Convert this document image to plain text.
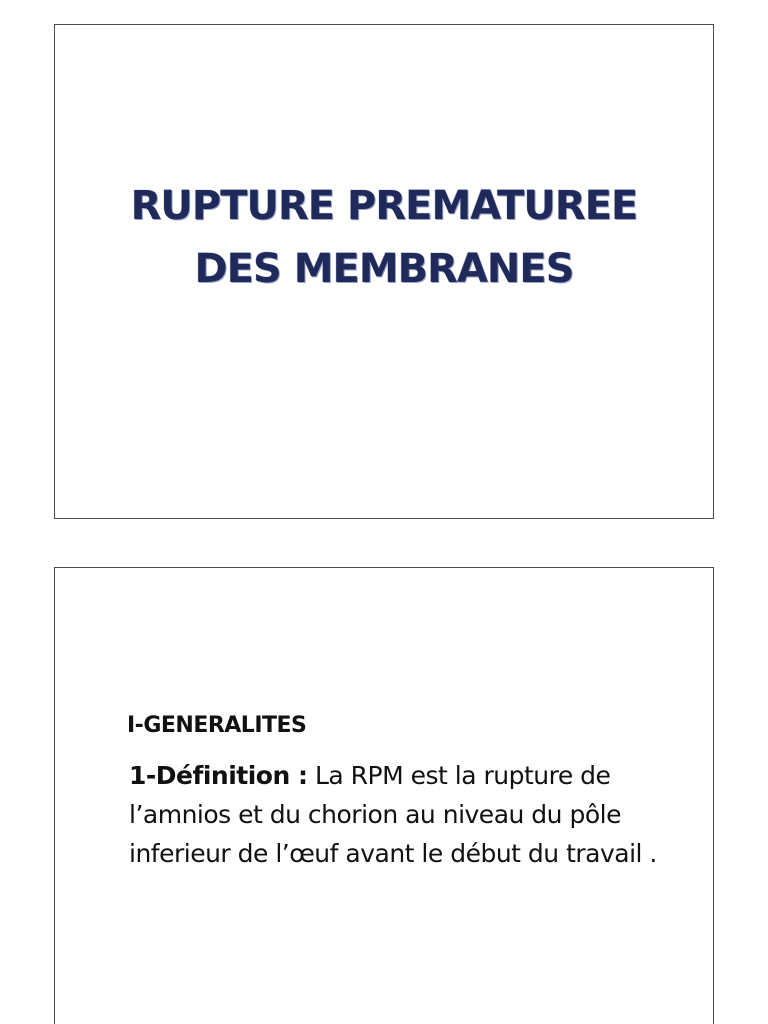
RUPTURE PREMATUREE
DES MEMBRANES
I-GENERALITES

1-Définition : La RPM est la rupture de l’amnios et du chorion au niveau du pôle inferieur de l’œuf avant le début du travail .
